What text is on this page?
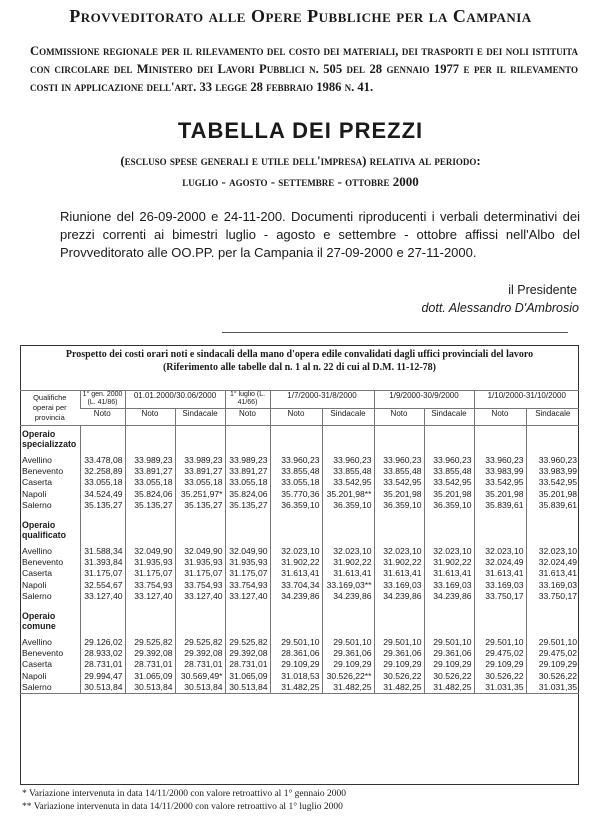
Provveditorato alle Opere Pubbliche per la Campania
Commissione regionale per il rilevamento del costo dei materiali, dei trasporti e dei noli istituita con circolare del Ministero dei Lavori Pubblici n. 505 del 28 gennaio 1977 e per il rilevamento costi in applicazione dell'art. 33 legge 28 febbraio 1986 n. 41.
TABELLA DEI PREZZI
(escluso spese generali e utile dell'impresa) relativa al periodo:
luglio - agosto - settembre - ottobre 2000
Riunione del 26-09-2000 e 24-11-200. Documenti riproducenti i verbali determinativi dei prezzi correnti ai bimestri luglio - agosto e settembre - ottobre affissi nell'Albo del Provveditorato alle OO.PP. per la Campania il 27-09-2000 e 27-11-2000.
il Presidente
dott. Alessandro D'Ambrosio
Prospetto dei costi orari noti e sindacali della mano d'opera edile convalidati dagli uffici provinciali del lavoro
(Riferimento alle tabelle dal n. 1 al n. 22 di cui al D.M. 11-12-78)
Qualifiche operai per provincia	1° gen. 2000 (L. 41/86)	01.01.2000/30.06/2000		1° luglio (L. 41/66)	1/7/2000-31/8/2000		1/9/2000-30/9/2000		1/10/2000-31/10/2000	
	Noto	Noto	Sindacale	Noto	Noto	Sindacale	Noto	Sindacale	Noto	Sindacale
Operaio specializzato										

Avellino	33.478,08	33.989,23	33.989,23	33.989,23	33.960,23	33.960,23	33.960,23	33.960,23	33.960,23	33.960,23
Benevento	32.258,89	33.891,27	33.891,27	33.891,27	33.855,48	33.855,48	33.855,48	33.855,48	33.983,99	33.983,99
Caserta	33.055,18	33.055,18	33.055,18	33.055,18	33.055,18	33.542,95	33.542,95	33.542,95	33.542,95	33.542,95
Napoli	34.524,49	35.824,06	35.251,97*	35.824,06	35.770,36	35.201,98**	35.201,98	35.201,98	35.201,98	35.201,98
Salerno	35.135,27	35.135,27	35.135,27	35.135,27	36.359,10	36.359,10	36.359,10	36.359,10	35.839,61	35.839,61

Operaio qualificato										

Avellino	31.588,34	32.049,90	32.049,90	32.049,90	32.023,10	32.023,10	32.023,10	32.023,10	32.023,10	32.023,10
Benevento	31.393,84	31.935,93	31.935,93	31.935,93	31.902,22	31.902,22	31.902,22	31.902,22	32.024,49	32.024,49
Caserta	31.175,07	31.175,07	31.175,07	31.175,07	31.613,41	31.613,41	31.613,41	31.613,41	31.613,41	31.613,41
Napoli	32.554,67	33.754,93	33.754,93	33.754,93	33.704,34	33.169,03**	33.169,03	33.169,03	33.169,03	33.169,03
Salerno	33.127,40	33.127,40	33.127,40	33.127,40	34.239,86	34.239,86	34.239,86	34.239,86	33.750,17	33.750,17

Operaio comune										

Avellino	29.126,02	29.525,82	29.525,82	29.525,82	29.501,10	29.501,10	29.501,10	29.501,10	29.501,10	29.501,10
Benevento	28.933,02	29.392,08	29.392,08	29.392,08	28.361,06	29.361,06	29.361,06	29.361,06	29.475,02	29.475,02
Caserta	28.731,01	28.731,01	28.731,01	28.731,01	29.109,29	29.109,29	29.109,29	29.109,29	29.109,29	29.109,29
Napoli	29.994,47	31.065,09	30.569,49*	31.065,09	31.018,53	30.526,22**	30.526,22	30.526,22	30.526,22	30.526,22
Salerno	30.513,84	30.513,84	30.513,84	30.513,84	31.482,25	31.482,25	31.482,25	31.482,25	31.031,35	31.031,35
* Variazione intervenuta in data 14/11/2000 con valore retroattivo al 1° gennaio 2000
** Variazione intervenuta in data 14/11/2000 con valore retroattivo al 1° luglio 2000
